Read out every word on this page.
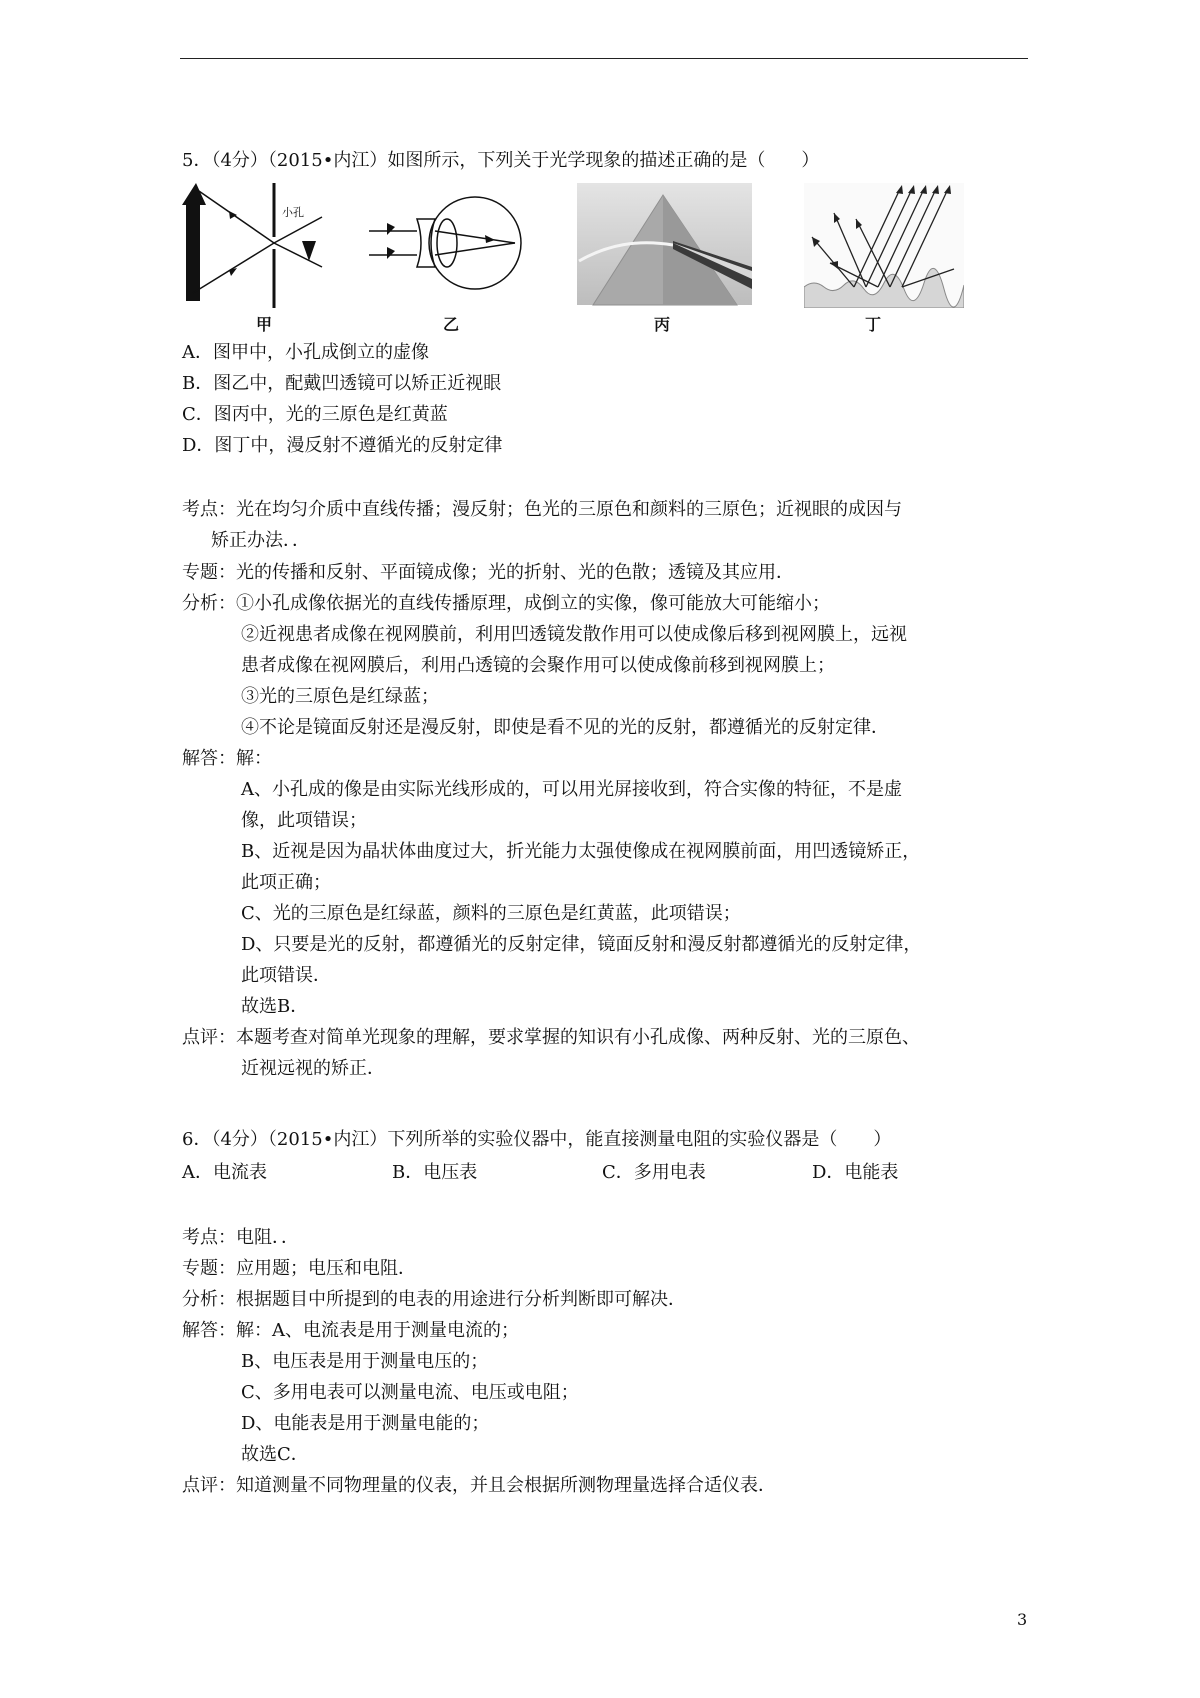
5．（4分）（2015•内江）如图所示，下列关于光学现象的描述正确的是（　　）
小孔
甲	乙	丙	丁
A．图甲中，小孔成倒立的虚像
B．图乙中，配戴凹透镜可以矫正近视眼
C．图丙中，光的三原色是红黄蓝
D．图丁中，漫反射不遵循光的反射定律
考点：光在均匀介质中直线传播；漫反射；色光的三原色和颜料的三原色；近视眼的成因与
矫正办法．．
专题：光的传播和反射、平面镜成像；光的折射、光的色散；透镜及其应用．
分析：①小孔成像依据光的直线传播原理，成倒立的实像，像可能放大可能缩小；
②近视患者成像在视网膜前，利用凹透镜发散作用可以使成像后移到视网膜上，远视
患者成像在视网膜后，利用凸透镜的会聚作用可以使成像前移到视网膜上；
③光的三原色是红绿蓝；
④不论是镜面反射还是漫反射，即使是看不见的光的反射，都遵循光的反射定律．
解答：解：
A、小孔成的像是由实际光线形成的，可以用光屏接收到，符合实像的特征，不是虚
像，此项错误；
B、近视是因为晶状体曲度过大，折光能力太强使像成在视网膜前面，用凹透镜矫正，
此项正确；
C、光的三原色是红绿蓝，颜料的三原色是红黄蓝，此项错误；
D、只要是光的反射，都遵循光的反射定律，镜面反射和漫反射都遵循光的反射定律，
此项错误．
故选B．
点评：本题考查对简单光现象的理解，要求掌握的知识有小孔成像、两种反射、光的三原色、
近视远视的矫正．
6．（4分）（2015•内江）下列所举的实验仪器中，能直接测量电阻的实验仪器是（　　）
A．电流表	B．电压表	C．多用电表	D．电能表
考点：电阻．．
专题：应用题；电压和电阻．
分析：根据题目中所提到的电表的用途进行分析判断即可解决．
解答：解：A、电流表是用于测量电流的；
B、电压表是用于测量电压的；
C、多用电表可以测量电流、电压或电阻；
D、电能表是用于测量电能的；
故选C．
点评：知道测量不同物理量的仪表，并且会根据所测物理量选择合适仪表．
3
